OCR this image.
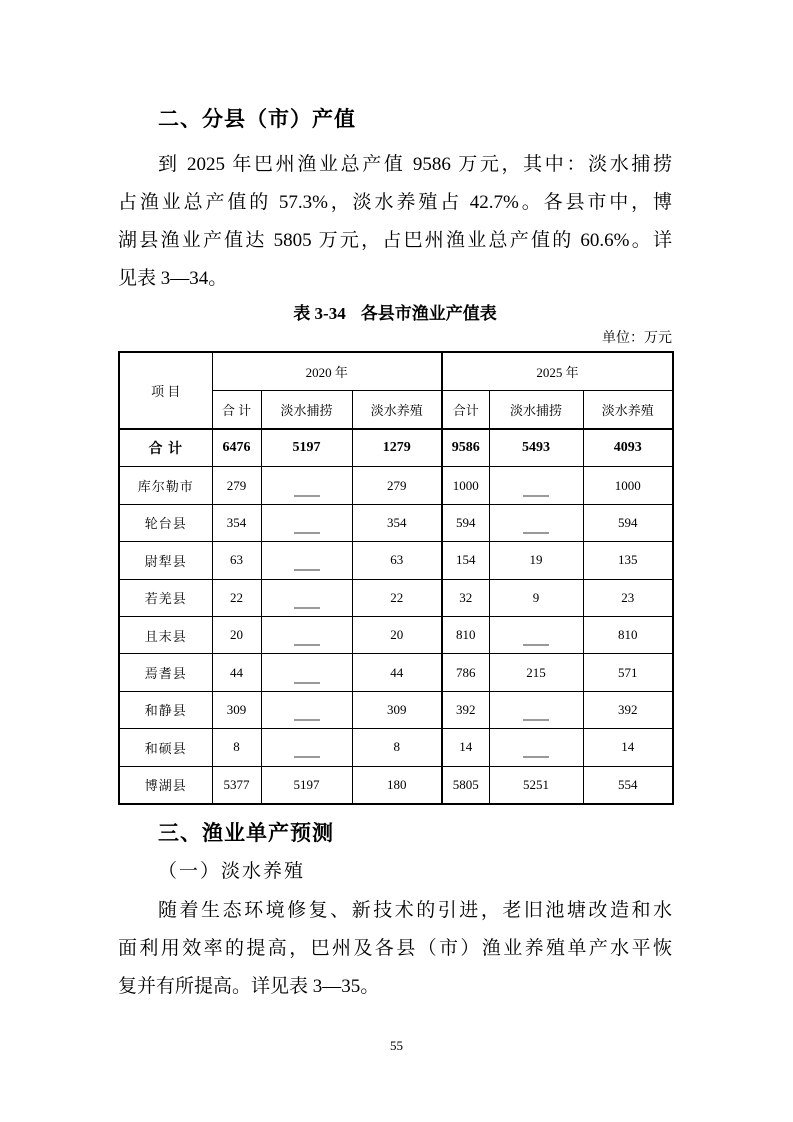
二、分县（市）产值
到 2025 年巴州渔业总产值 9586 万元，其中：淡水捕捞
占渔业总产值的 57.3%，淡水养殖占 42.7%。各县市中，博
湖县渔业产值达 5805 万元，占巴州渔业总产值的 60.6%。详
见表 3—34。
表 3-34 各县市渔业产值表
单位：万元
项 目	2020 年			2025 年		
	合 计	淡水捕捞	淡水养殖	合计	淡水捕捞	淡水养殖
合 计	6476	5197	1279	9586	5493	4093
库尔勒市	279		279	1000		1000
轮台县	354		354	594		594
尉犁县	63		63	154	19	135
若羌县	22		22	32	9	23
且末县	20		20	810		810
焉耆县	44		44	786	215	571
和静县	309		309	392		392
和硕县	8		8	14		14
博湖县	5377	5197	180	5805	5251	554
三、渔业单产预测
（一）淡水养殖
随着生态环境修复、新技术的引进，老旧池塘改造和水
面利用效率的提高，巴州及各县（市）渔业养殖单产水平恢
复并有所提高。详见表 3—35。
55
